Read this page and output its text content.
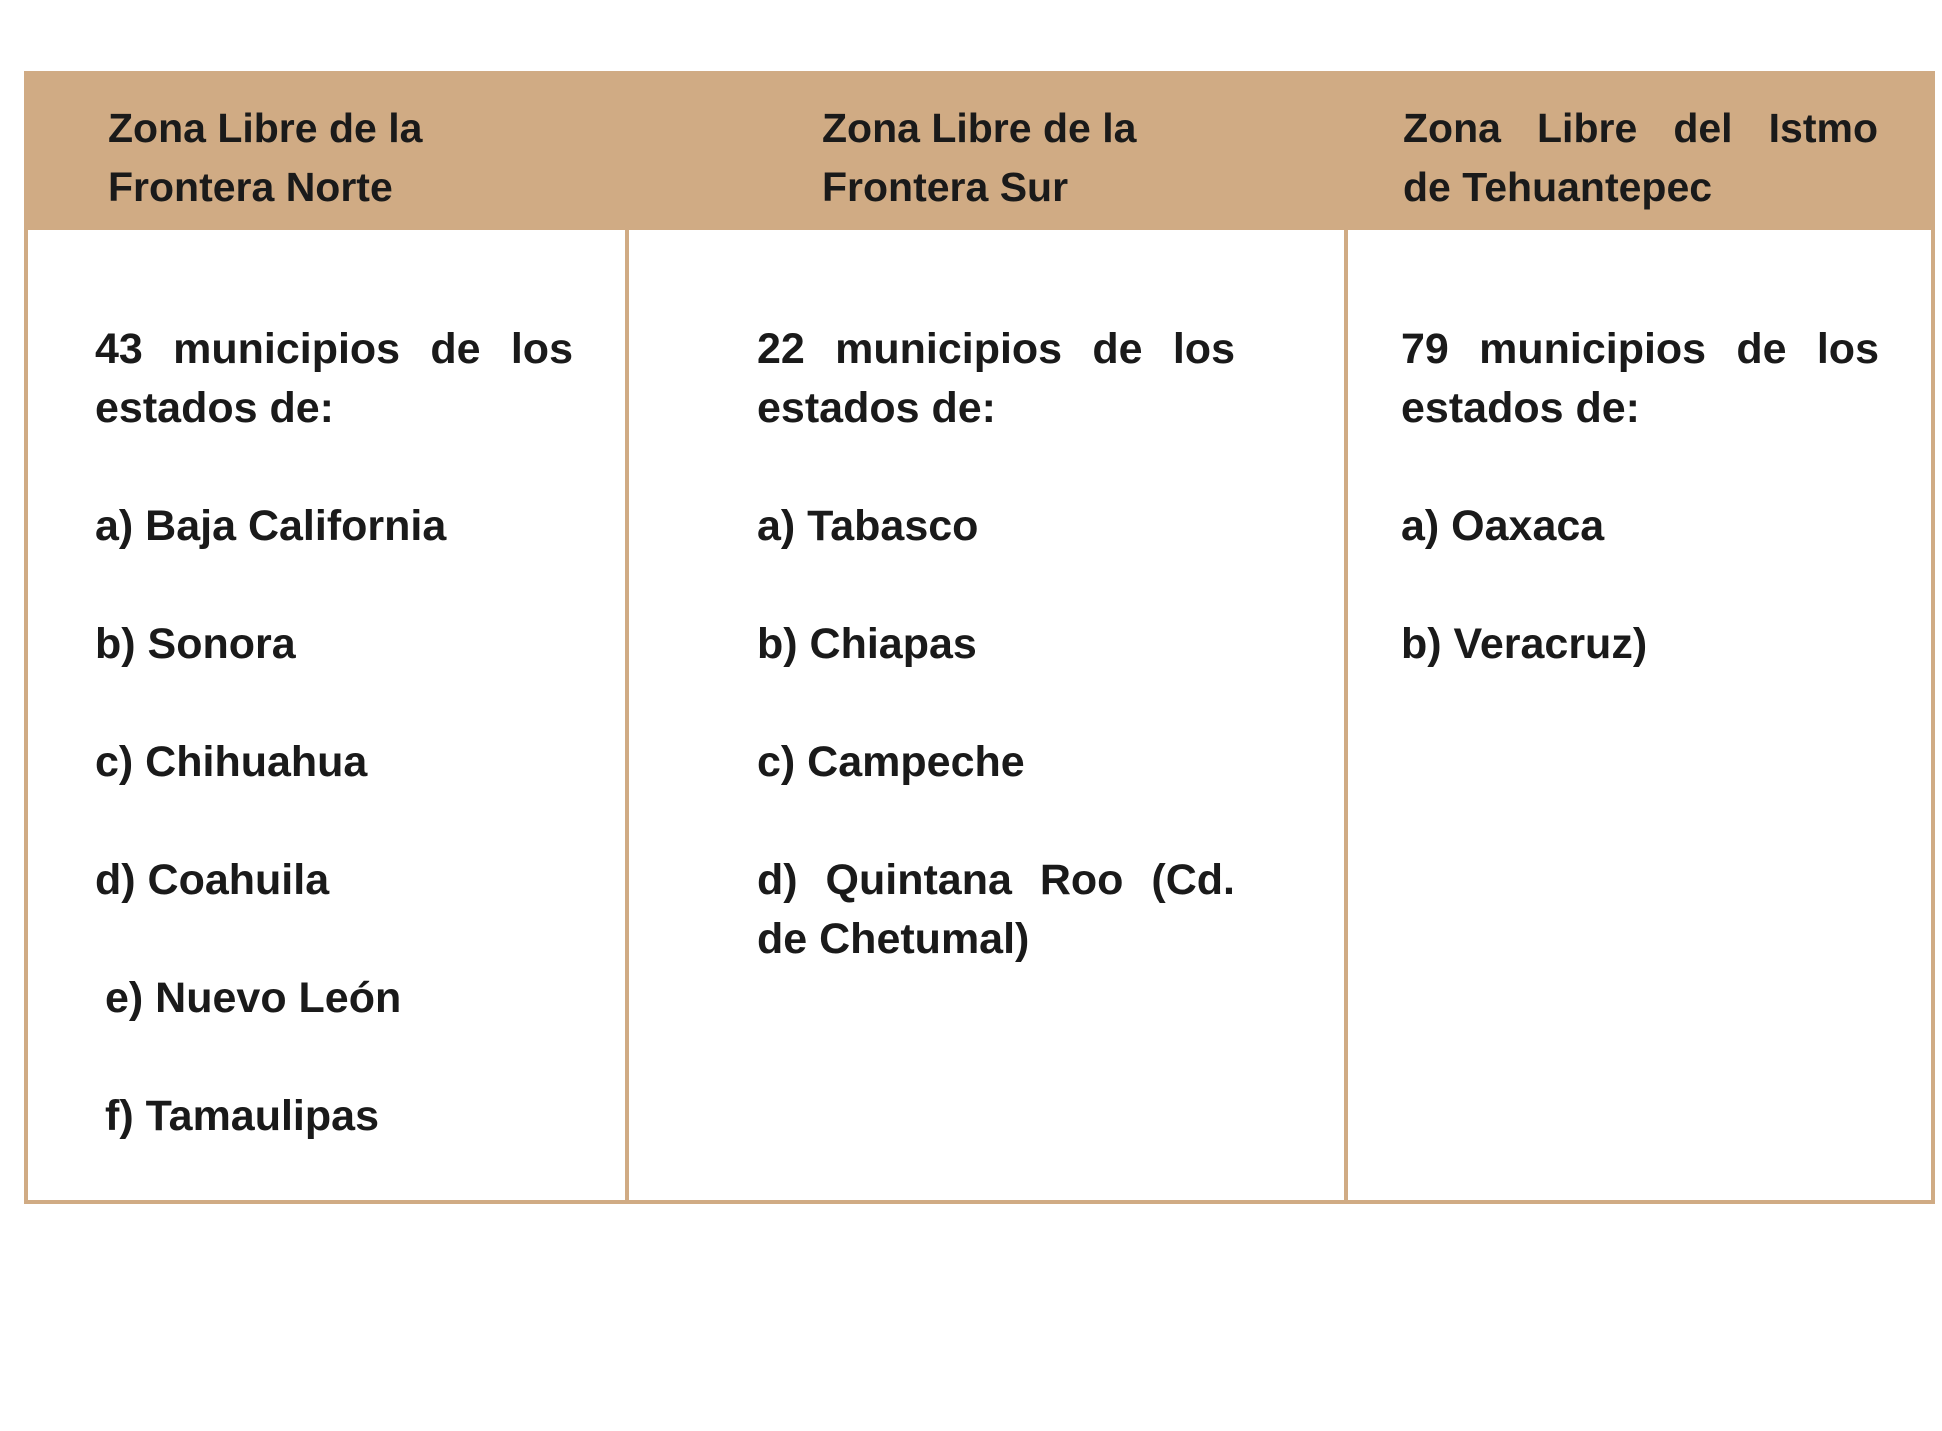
Zona Libre de la
Frontera Norte
43 municipios de los
estados de:
a) Baja California
b) Sonora
c) Chihuahua
d) Coahuila
e) Nuevo León
f) Tamaulipas
Zona Libre de la
Frontera Sur
22 municipios de los
estados de:
a) Tabasco
b) Chiapas
c) Campeche
d) Quintana Roo (Cd.
de Chetumal)
Zona Libre del Istmo
de Tehuantepec
79 municipios de los
estados de:
a) Oaxaca
b) Veracruz)
